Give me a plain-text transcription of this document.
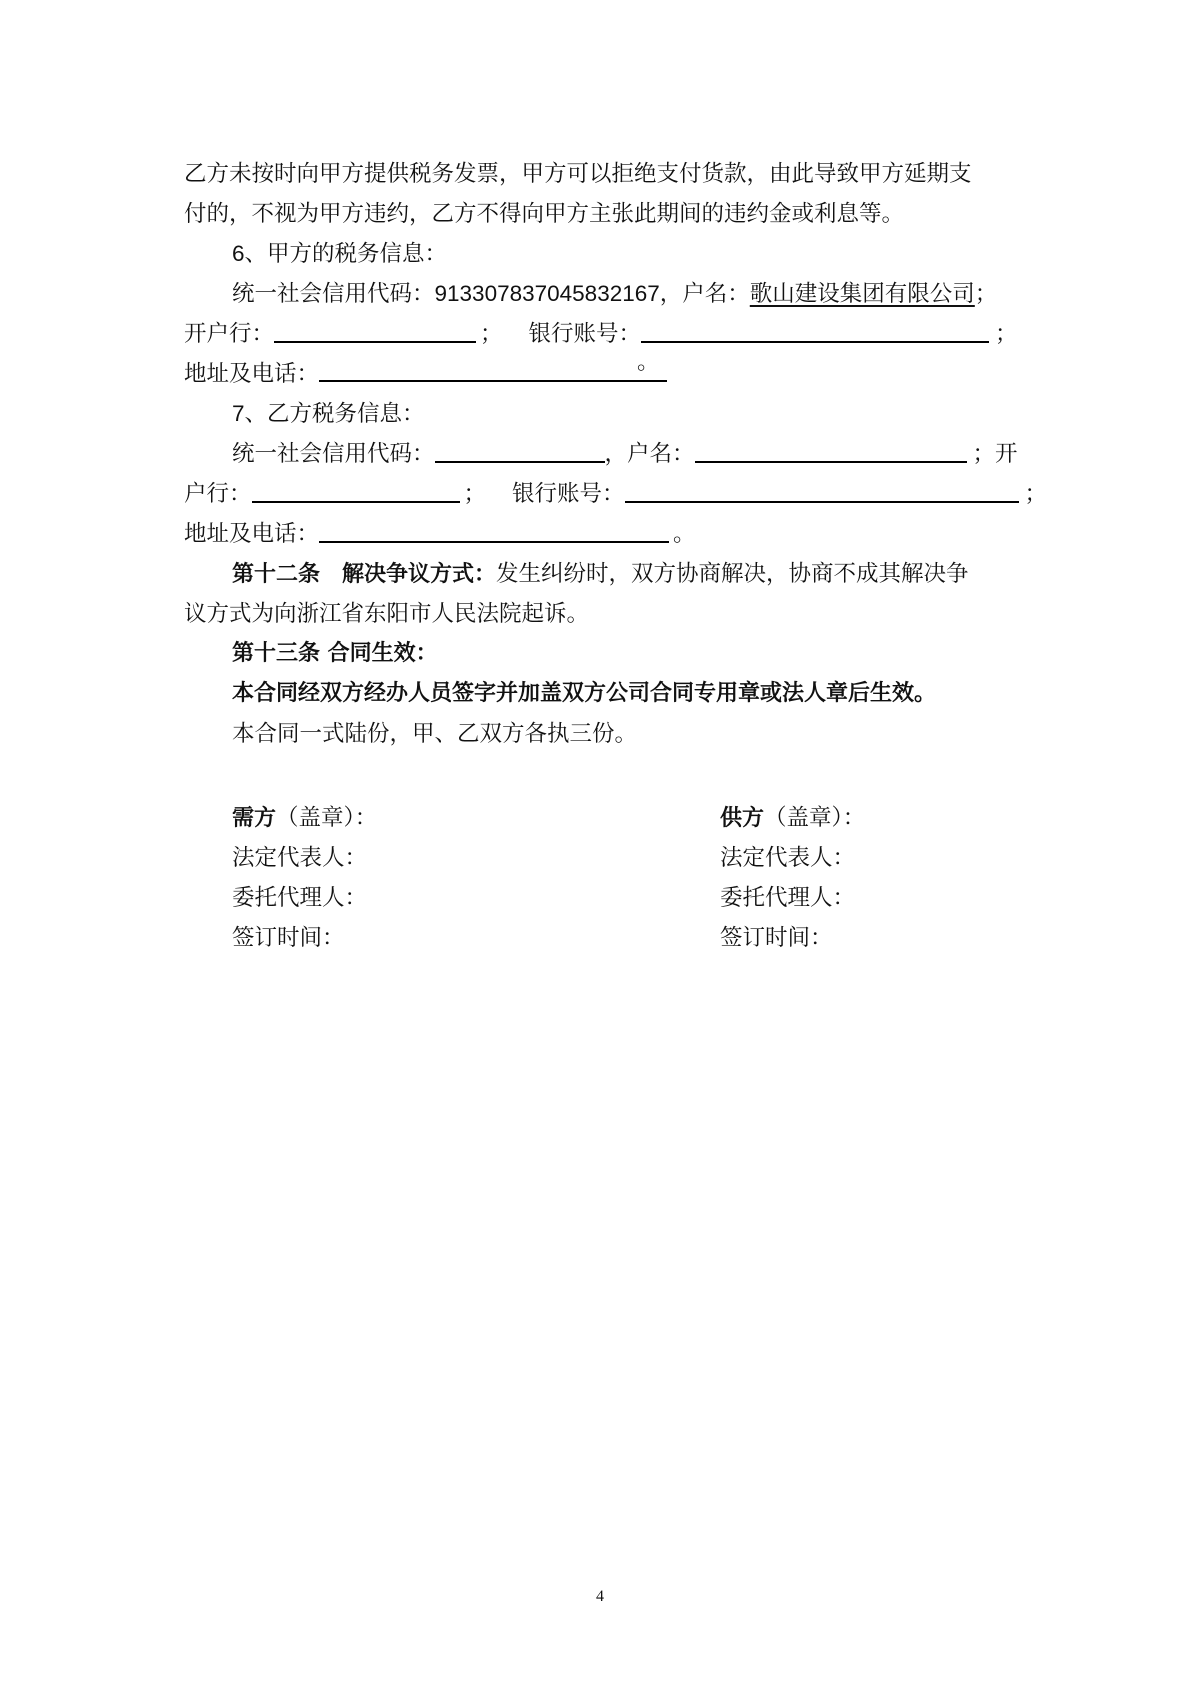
乙方未按时向甲方提供税务发票，甲方可以拒绝支付货款，由此导致甲方延期支
付的，不视为甲方违约，乙方不得向甲方主张此期间的违约金或利息等。
6、甲方的税务信息：
统一社会信用代码：913307837045832167，户名：歌山建设集团有限公司；
开户行：	； 银行账号：	；
地址及电话：	。
7、乙方税务信息：
统一社会信用代码：	，户名：	；开
户行：	； 银行账号：	；
地址及电话：	。
第十二条　解决争议方式：发生纠纷时，双方协商解决，协商不成其解决争
议方式为向浙江省东阳市人民法院起诉。
第十三条 合同生效：
本合同经双方经办人员签字并加盖双方公司合同专用章或法人章后生效。
本合同一式陆份，甲、乙双方各执三份。
需方（盖章）：
法定代表人：
委托代理人：
签订时间：
供方（盖章）：
法定代表人：
委托代理人：
签订时间：
4
